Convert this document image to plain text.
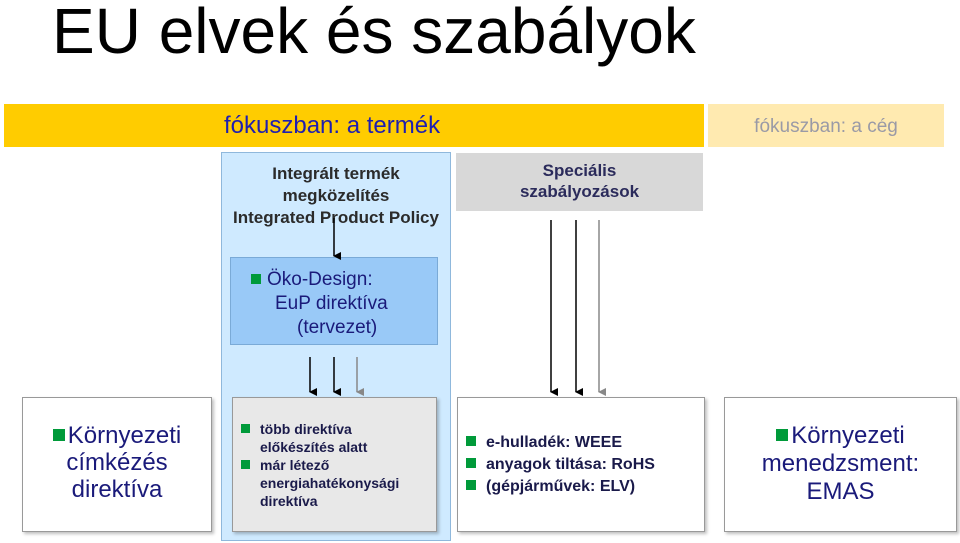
EU elvek és szabályok
fókuszban: a termék	fókuszban: a cég
Integrált termék
megközelítés
Integrated Product Policy
Speciális
szabályozások
Öko-Design:
EuP direktíva
(tervezet)
Környezeti
címkézés
direktíva
több direktíva
előkészítés alatt
már létező
energiahatékonysági
direktíva
e-hulladék: WEEE
anyagok tiltása: RoHS
(gépjárművek: ELV)
Környezeti
menedzsment:
EMAS
